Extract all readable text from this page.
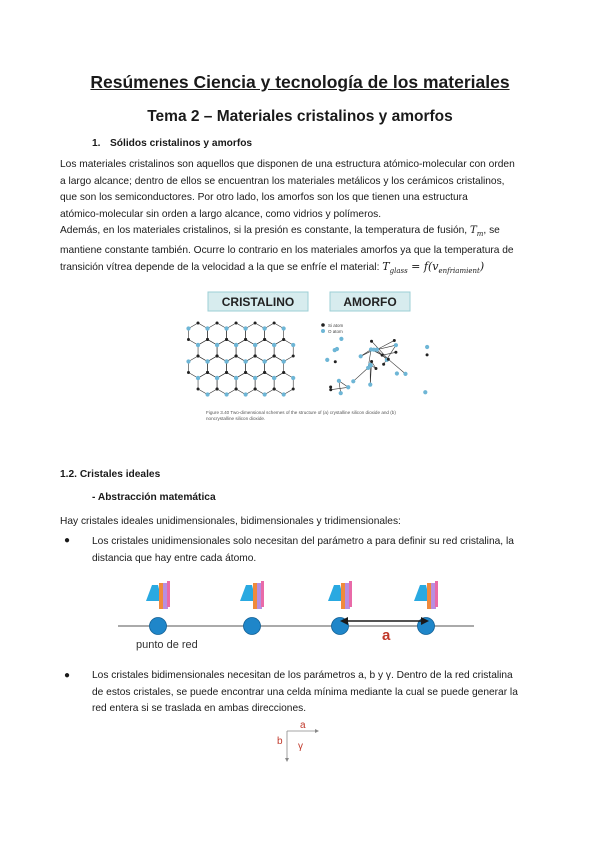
Resúmenes Ciencia y tecnología de los materiales
Tema 2 – Materiales cristalinos y amorfos
1. Sólidos cristalinos y amorfos
Los materiales cristalinos son aquellos que disponen de una estructura atómico-molecular con orden
a largo alcance; dentro de ellos se encuentran los materiales metálicos y los cerámicos cristalinos,
que son los semiconductores. Por otro lado, los amorfos son los que tienen una estructura
atómico-molecular sin orden a largo alcance, como vidrios y polímeros.
Además, en los materiales cristalinos, si la presión es constante, la temperatura de fusión, $T_m$, se
mantiene constante también. Ocurre lo contrario en los materiales amorfos ya que la temperatura de
transición vítrea depende de la velocidad a la que se enfríe el material: $T_{glass} = f(v_{enfriamient})$
CRISTALINO	AMORFO
Si atom
O atom
Figure 3.40 Two-dimensional schemes of the structure of (a) crystalline silicon dioxide and (b) noncrystalline silicon dioxide.
1.2. Cristales ideales
- Abstracción matemática
Hay cristales ideales unidimensionales, bidimensionales y tridimensionales:
● Los cristales unidimensionales solo necesitan del parámetro a para definir su red cristalina, la
distancia que hay entre cada átomo.
a
punto de red
● Los cristales bidimensionales necesitan de los parámetros a, b y γ. Dentro de la red cristalina
de estos cristales, se puede encontrar una celda mínima mediante la cual se puede generar la
red entera si se traslada en ambas direcciones.
a
b γ
